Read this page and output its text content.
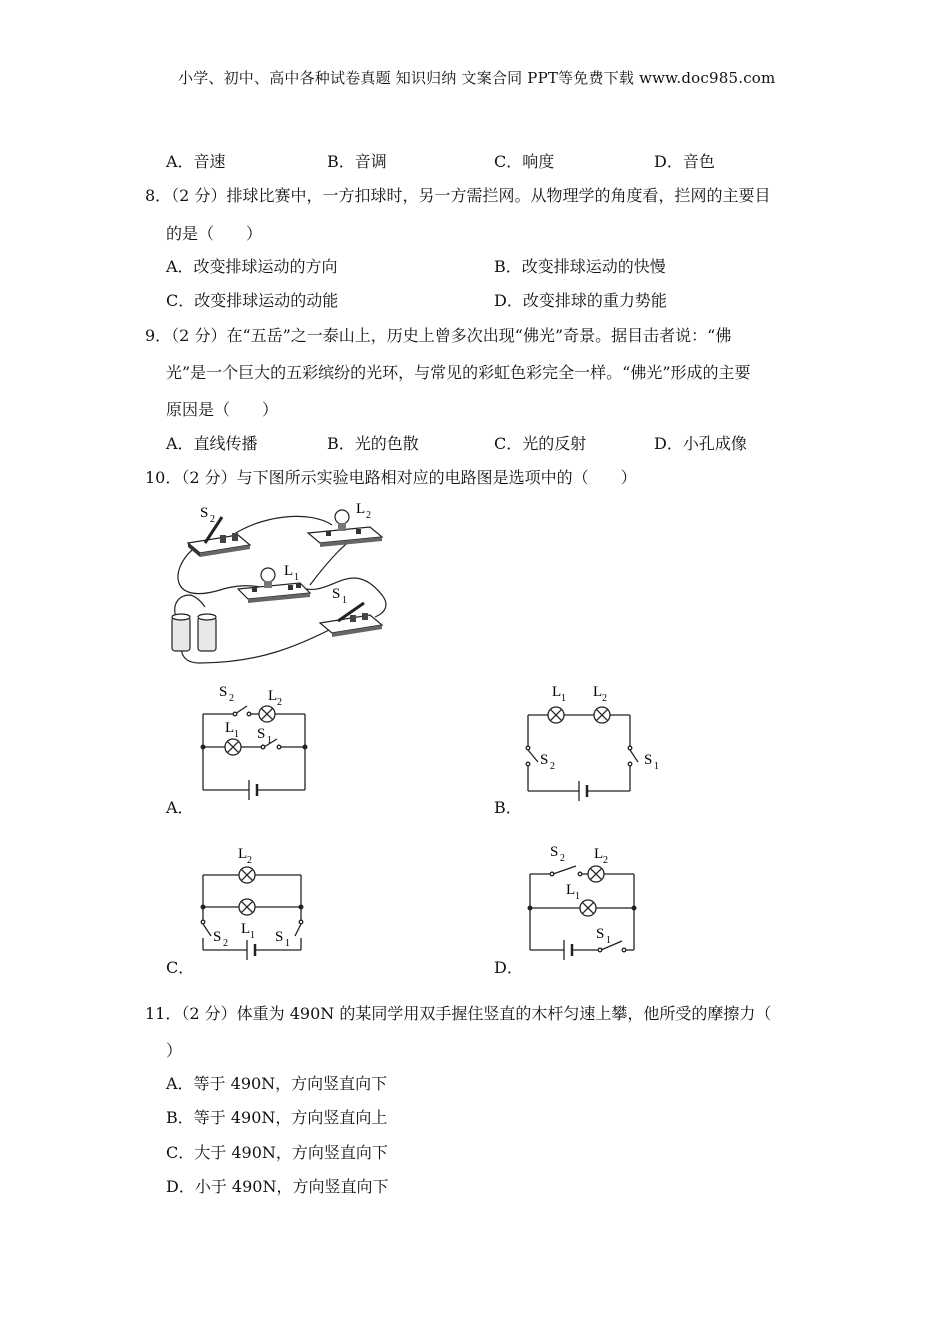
小学、初中、高中各种试卷真题 知识归纳 文案合同 PPT等免费下载 www.doc985.com
A．音速	B．音调	C．响度	D．音色
8．（2 分）排球比赛中，一方扣球时，另一方需拦网。从物理学的角度看，拦网的主要目
的是（　　）
A．改变排球运动的方向	B．改变排球运动的快慢
C．改变排球运动的动能	D．改变排球的重力势能
9．（2 分）在“五岳”之一泰山上，历史上曾多次出现“佛光”奇景。据目击者说：“佛
光”是一个巨大的五彩缤纷的光环，与常见的彩虹色彩完全一样。“佛光”形成的主要
原因是（　　）
A．直线传播	B．光的色散	C．光的反射	D．小孔成像
10．（2 分）与下图所示实验电路相对应的电路图是选项中的（　　）
S 2
L 2
L 1
S 1
S 2 L 2
L 1 S 1
A．
L 1 L 2
S 2	S 1
B．
L 2
S 2
L 1 S 1
C．
S 2 L 2
L 1
S 1
D．
11．（2 分）体重为 490N 的某同学用双手握住竖直的木杆匀速上攀，他所受的摩擦力（
）
A．等于 490N，方向竖直向下
B．等于 490N，方向竖直向上
C．大于 490N，方向竖直向下
D．小于 490N，方向竖直向下
